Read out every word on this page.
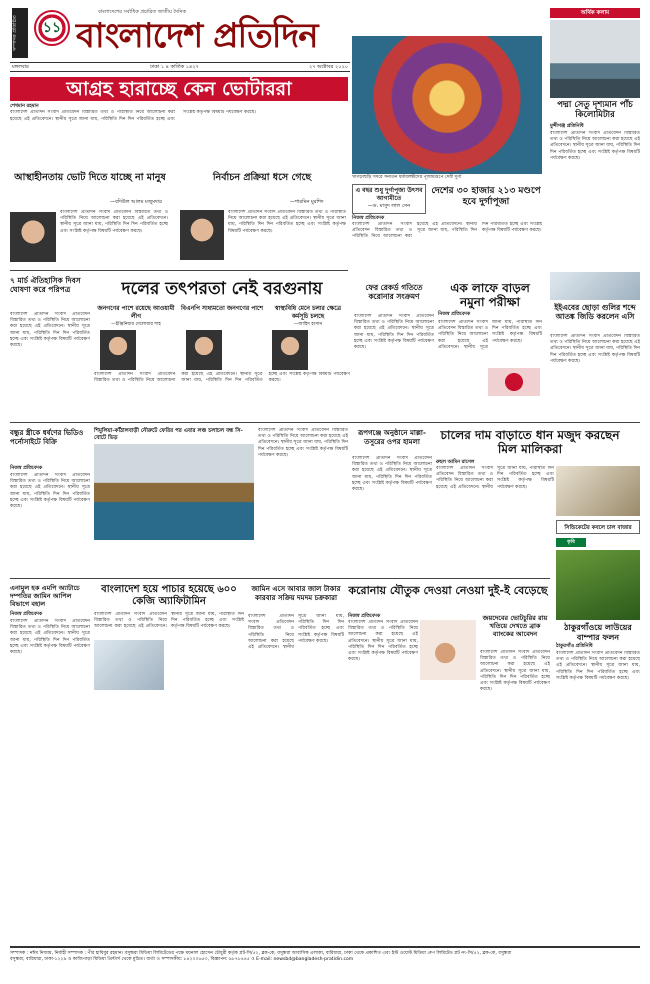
সম্পাদক প্রতিষ্ঠিত	১১
বাংলাদেশের সর্বাধিক প্রচারিত জাতীয় দৈনিক
বাংলাদেশ প্রতিদিন
মঙ্গলবার	ঢাকা ১ ৪ কার্তিক ১৪২৭	২৭ অক্টোবর ২০২০
আগ্রহ হারাচ্ছে কেন ভোটাররা
শেখমান রহমান
বাংলাদেশ প্রতিদিন সংবাদ প্রতিবেদন বিস্তারিত তথ্য ও পরিস্থিতি নিয়ে আলোচনা করা হয়েছে এই প্রতিবেদনে। স্থানীয় সূত্রে জানা যায়, পরিস্থিতি দিন দিন পরিবর্তিত হচ্ছে এবং সংশ্লিষ্ট কর্তৃপক্ষ বিষয়টি পর্যবেক্ষণ করছে।
আস্থাহীনতায় ভোট দিতে যাচ্ছে না মানুষ
—বদিউল আলম মজুমদার
বাংলাদেশ প্রতিদিন সংবাদ প্রতিবেদন বিস্তারিত তথ্য ও পরিস্থিতি নিয়ে আলোচনা করা হয়েছে এই প্রতিবেদনে। স্থানীয় সূত্রে জানা যায়, পরিস্থিতি দিন দিন পরিবর্তিত হচ্ছে এবং সংশ্লিষ্ট কর্তৃপক্ষ বিষয়টি পর্যবেক্ষণ করছে।
নির্বাচন প্রক্রিয়া ধসে গেছে
—শারমিন মুরশিদ
বাংলাদেশ প্রতিদিন সংবাদ প্রতিবেদন বিস্তারিত তথ্য ও পরিস্থিতি নিয়ে আলোচনা করা হয়েছে এই প্রতিবেদনে। স্থানীয় সূত্রে জানা যায়, পরিস্থিতি দিন দিন পরিবর্তিত হচ্ছে এবং সংশ্লিষ্ট কর্তৃপক্ষ বিষয়টি পর্যবেক্ষণ করছে।
খাগড়াছড়ি সদরে সনাতন ধর্মাবলম্বীদের পূজামণ্ডপে দেবী দুর্গা
এ বছর শুধু দুর্গাপূজা উৎসব আগামীতে
—ড. মাসুদ লাল সেন
দেশের ৩০ হাজার ২১৩ মণ্ডপে হবে দুর্গাপূজা
নিজস্ব প্রতিবেদক
বাংলাদেশ প্রতিদিন সংবাদ প্রতিবেদন বিস্তারিত তথ্য ও পরিস্থিতি নিয়ে আলোচনা করা হয়েছে এই প্রতিবেদনে। স্থানীয় সূত্রে জানা যায়, পরিস্থিতি দিন দিন পরিবর্তিত হচ্ছে এবং সংশ্লিষ্ট কর্তৃপক্ষ বিষয়টি পর্যবেক্ষণ করছে।
অর্থিক কলাম
পদ্মা সেতু দৃশ্যমান পাঁচ কিলোমিটার
মুন্সীগঞ্জ প্রতিনিধি
বাংলাদেশ প্রতিদিন সংবাদ প্রতিবেদন বিস্তারিত তথ্য ও পরিস্থিতি নিয়ে আলোচনা করা হয়েছে এই প্রতিবেদনে। স্থানীয় সূত্রে জানা যায়, পরিস্থিতি দিন দিন পরিবর্তিত হচ্ছে এবং সংশ্লিষ্ট কর্তৃপক্ষ বিষয়টি পর্যবেক্ষণ করছে।
৭ মার্চ ঐতিহাসিক দিবস ঘোষণা করে পরিপত্র
বাংলাদেশ প্রতিদিন সংবাদ প্রতিবেদন বিস্তারিত তথ্য ও পরিস্থিতি নিয়ে আলোচনা করা হয়েছে এই প্রতিবেদনে। স্থানীয় সূত্রে জানা যায়, পরিস্থিতি দিন দিন পরিবর্তিত হচ্ছে এবং সংশ্লিষ্ট কর্তৃপক্ষ বিষয়টি পর্যবেক্ষণ করছে।
দলের তৎপরতা নেই বরগুনায়
জনগণের পাশে রয়েছে আওয়ামী লীগ
—ইঞ্জিনিয়ার দেলোয়ার শাহ
বিএনপি সাধ্যমতো জনগণের পাশে	স্বাস্থ্যবিধি মেনে চলার ক্ষেত্রে কর্মসূচি চলছে
—জাহিদ হাসান
বাংলাদেশ প্রতিদিন সংবাদ প্রতিবেদন বিস্তারিত তথ্য ও পরিস্থিতি নিয়ে আলোচনা করা হয়েছে এই প্রতিবেদনে। স্থানীয় সূত্রে জানা যায়, পরিস্থিতি দিন দিন পরিবর্তিত হচ্ছে এবং সংশ্লিষ্ট কর্তৃপক্ষ বিষয়টি পর্যবেক্ষণ করছে।
ফের রেকর্ড গতিতে করোনার সংক্রমণ
এক লাফে বাড়ল নমুনা পরীক্ষা
নিজস্ব প্রতিবেদক
বাংলাদেশ প্রতিদিন সংবাদ প্রতিবেদন বিস্তারিত তথ্য ও পরিস্থিতি নিয়ে আলোচনা করা হয়েছে এই প্রতিবেদনে। স্থানীয় সূত্রে জানা যায়, পরিস্থিতি দিন দিন পরিবর্তিত হচ্ছে এবং সংশ্লিষ্ট কর্তৃপক্ষ বিষয়টি পর্যবেক্ষণ করছে।
বাংলাদেশ প্রতিদিন সংবাদ প্রতিবেদন বিস্তারিত তথ্য ও পরিস্থিতি নিয়ে আলোচনা করা হয়েছে এই প্রতিবেদনে। স্থানীয় সূত্রে জানা যায়, পরিস্থিতি দিন দিন পরিবর্তিত হচ্ছে এবং সংশ্লিষ্ট কর্তৃপক্ষ বিষয়টি পর্যবেক্ষণ করছে।
ইইএবের ছোড়া গুলির শব্দে আতঙ্ক জিডি করলেন এসি
বাংলাদেশ প্রতিদিন সংবাদ প্রতিবেদন বিস্তারিত তথ্য ও পরিস্থিতি নিয়ে আলোচনা করা হয়েছে এই প্রতিবেদনে। স্থানীয় সূত্রে জানা যায়, পরিস্থিতি দিন দিন পরিবর্তিত হচ্ছে এবং সংশ্লিষ্ট কর্তৃপক্ষ বিষয়টি পর্যবেক্ষণ করছে।
বন্ধুর স্ত্রীকে ধর্ষণের ভিডিও পর্নোসাইটে বিক্রি
নিজস্ব প্রতিবেদক
বাংলাদেশ প্রতিদিন সংবাদ প্রতিবেদন বিস্তারিত তথ্য ও পরিস্থিতি নিয়ে আলোচনা করা হয়েছে এই প্রতিবেদনে। স্থানীয় সূত্রে জানা যায়, পরিস্থিতি দিন দিন পরিবর্তিত হচ্ছে এবং সংশ্লিষ্ট কর্তৃপক্ষ বিষয়টি পর্যবেক্ষণ করছে।
শিমুলিয়া-কাঁঠালবাড়ী নৌরুটে ফেরির পর এবার লঞ্চ চলাচল বন্ধ সি-বোটে ভিড়
বাংলাদেশ প্রতিদিন সংবাদ প্রতিবেদন বিস্তারিত তথ্য ও পরিস্থিতি নিয়ে আলোচনা করা হয়েছে এই প্রতিবেদনে। স্থানীয় সূত্রে জানা যায়, পরিস্থিতি দিন দিন পরিবর্তিত হচ্ছে এবং সংশ্লিষ্ট কর্তৃপক্ষ বিষয়টি পর্যবেক্ষণ করছে।
রূপগঞ্জে অনুষ্ঠানে মাল্লা-তসুরের ওপর হামলা
বাংলাদেশ প্রতিদিন সংবাদ প্রতিবেদন বিস্তারিত তথ্য ও পরিস্থিতি নিয়ে আলোচনা করা হয়েছে এই প্রতিবেদনে। স্থানীয় সূত্রে জানা যায়, পরিস্থিতি দিন দিন পরিবর্তিত হচ্ছে এবং সংশ্লিষ্ট কর্তৃপক্ষ বিষয়টি পর্যবেক্ষণ করছে।
চালের দাম বাড়াতে ধান মজুদ করছেন মিল মালিকরা
রুহল আমিন রাসেল
বাংলাদেশ প্রতিদিন সংবাদ প্রতিবেদন বিস্তারিত তথ্য ও পরিস্থিতি নিয়ে আলোচনা করা হয়েছে এই প্রতিবেদনে। স্থানীয় সূত্রে জানা যায়, পরিস্থিতি দিন দিন পরিবর্তিত হচ্ছে এবং সংশ্লিষ্ট কর্তৃপক্ষ বিষয়টি পর্যবেক্ষণ করছে।
সিন্ডিকেটের কবলে চাল বাজার
কৃষি
ঠাকুরগাঁওয়ে লাউয়ের বাম্পার ফলন
ঠাকুরগাঁও প্রতিনিধি
বাংলাদেশ প্রতিদিন সংবাদ প্রতিবেদন বিস্তারিত তথ্য ও পরিস্থিতি নিয়ে আলোচনা করা হয়েছে এই প্রতিবেদনে। স্থানীয় সূত্রে জানা যায়, পরিস্থিতি দিন দিন পরিবর্তিত হচ্ছে এবং সংশ্লিষ্ট কর্তৃপক্ষ বিষয়টি পর্যবেক্ষণ করছে।
এনামুল হক এমপি অ্যাটাচে দম্পতির জামিন আপিল বিভাগে বহাল
নিজস্ব প্রতিবেদক
বাংলাদেশ প্রতিদিন সংবাদ প্রতিবেদন বিস্তারিত তথ্য ও পরিস্থিতি নিয়ে আলোচনা করা হয়েছে এই প্রতিবেদনে। স্থানীয় সূত্রে জানা যায়, পরিস্থিতি দিন দিন পরিবর্তিত হচ্ছে এবং সংশ্লিষ্ট কর্তৃপক্ষ বিষয়টি পর্যবেক্ষণ করছে।
বাংলাদেশ হয়ে পাচার হয়েছে ৬০০ কেজি অ্যাফিটামিন
বাংলাদেশ প্রতিদিন সংবাদ প্রতিবেদন বিস্তারিত তথ্য ও পরিস্থিতি নিয়ে আলোচনা করা হয়েছে এই প্রতিবেদনে। স্থানীয় সূত্রে জানা যায়, পরিস্থিতি দিন দিন পরিবর্তিত হচ্ছে এবং সংশ্লিষ্ট কর্তৃপক্ষ বিষয়টি পর্যবেক্ষণ করছে।
জামিন এসে আবার জাল টাকার কারবার সক্রিয় দমদম চক্রকারা
বাংলাদেশ প্রতিদিন সংবাদ প্রতিবেদন বিস্তারিত তথ্য ও পরিস্থিতি নিয়ে আলোচনা করা হয়েছে এই প্রতিবেদনে। স্থানীয় সূত্রে জানা যায়, পরিস্থিতি দিন দিন পরিবর্তিত হচ্ছে এবং সংশ্লিষ্ট কর্তৃপক্ষ বিষয়টি পর্যবেক্ষণ করছে।
করোনায় যৌতুক দেওয়া নেওয়া দুই-ই বেড়েছে
নিজস্ব প্রতিবেদক
বাংলাদেশ প্রতিদিন সংবাদ প্রতিবেদন বিস্তারিত তথ্য ও পরিস্থিতি নিয়ে আলোচনা করা হয়েছে এই প্রতিবেদনে। স্থানীয় সূত্রে জানা যায়, পরিস্থিতি দিন দিন পরিবর্তিত হচ্ছে এবং সংশ্লিষ্ট কর্তৃপক্ষ বিষয়টি পর্যবেক্ষণ করছে।
জয়দেবের ভোটচুরির রায় খতিয়ে দেখতে ব্রাক ব্যাংকের আবেদন
বাংলাদেশ প্রতিদিন সংবাদ প্রতিবেদন বিস্তারিত তথ্য ও পরিস্থিতি নিয়ে আলোচনা করা হয়েছে এই প্রতিবেদনে। স্থানীয় সূত্রে জানা যায়, পরিস্থিতি দিন দিন পরিবর্তিত হচ্ছে এবং সংশ্লিষ্ট কর্তৃপক্ষ বিষয়টি পর্যবেক্ষণ করছে।
সম্পাদক : নঈম নিজাম, নির্বাহী সম্পাদক : পীর হাবিবুর রহমান। বসুন্ধরা মিডিয়া লিমিটেডের পক্ষে ময়নাল হোসেন চৌধুরী কর্তৃক প্লট-সি/৫২, ব্লক-কে, বসুন্ধরা আবাসিক এলাকা, বারিধারা, ঢাকা থেকে প্রকাশিত এবং ইস্ট ওয়েস্ট মিডিয়া গ্রুপ লিমিটেড প্লট নং-সি/৫২, ব্লক-কে, বসুন্ধরা
বসুন্ধরা, বারিধারা, ঢাকা-১২২৯ ও কাজিপাড়া মিডিয়া প্রিন্টার্স থেকে মুদ্রিত। বার্তা ও সম্পাদকীয়: ৮৪২০০৬৫৩, বিজ্ঞাপন: ৯৮৭৮৪৪৫ ও E-mail: newsbd@bangladesh-pratidin.com
